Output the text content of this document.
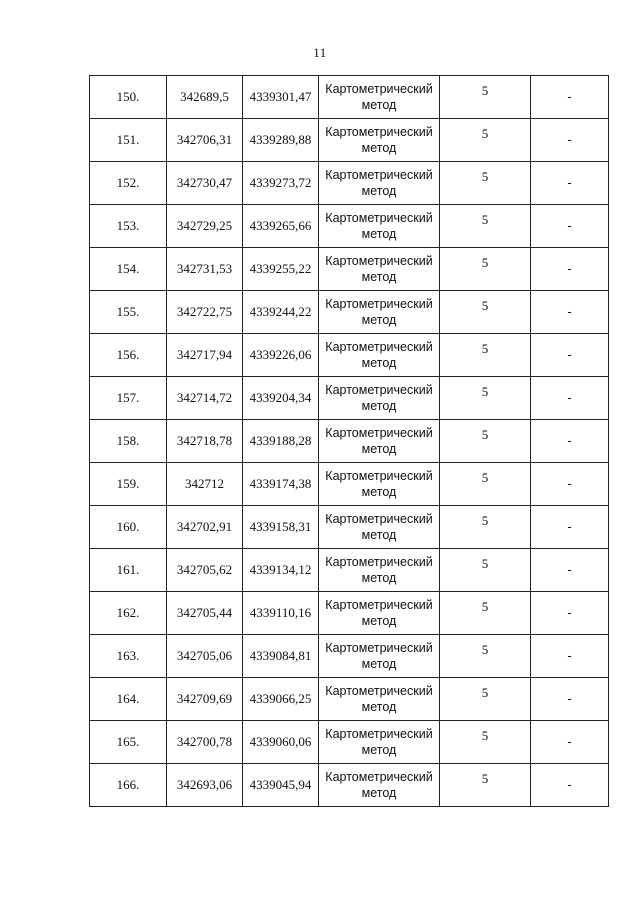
11
150.	342689,5	4339301,47	Картометрический метод	5	-
151.	342706,31	4339289,88	Картометрический метод	5	-
152.	342730,47	4339273,72	Картометрический метод	5	-
153.	342729,25	4339265,66	Картометрический метод	5	-
154.	342731,53	4339255,22	Картометрический метод	5	-
155.	342722,75	4339244,22	Картометрический метод	5	-
156.	342717,94	4339226,06	Картометрический метод	5	-
157.	342714,72	4339204,34	Картометрический метод	5	-
158.	342718,78	4339188,28	Картометрический метод	5	-
159.	342712	4339174,38	Картометрический метод	5	-
160.	342702,91	4339158,31	Картометрический метод	5	-
161.	342705,62	4339134,12	Картометрический метод	5	-
162.	342705,44	4339110,16	Картометрический метод	5	-
163.	342705,06	4339084,81	Картометрический метод	5	-
164.	342709,69	4339066,25	Картометрический метод	5	-
165.	342700,78	4339060,06	Картометрический метод	5	-
166.	342693,06	4339045,94	Картометрический метод	5	-
